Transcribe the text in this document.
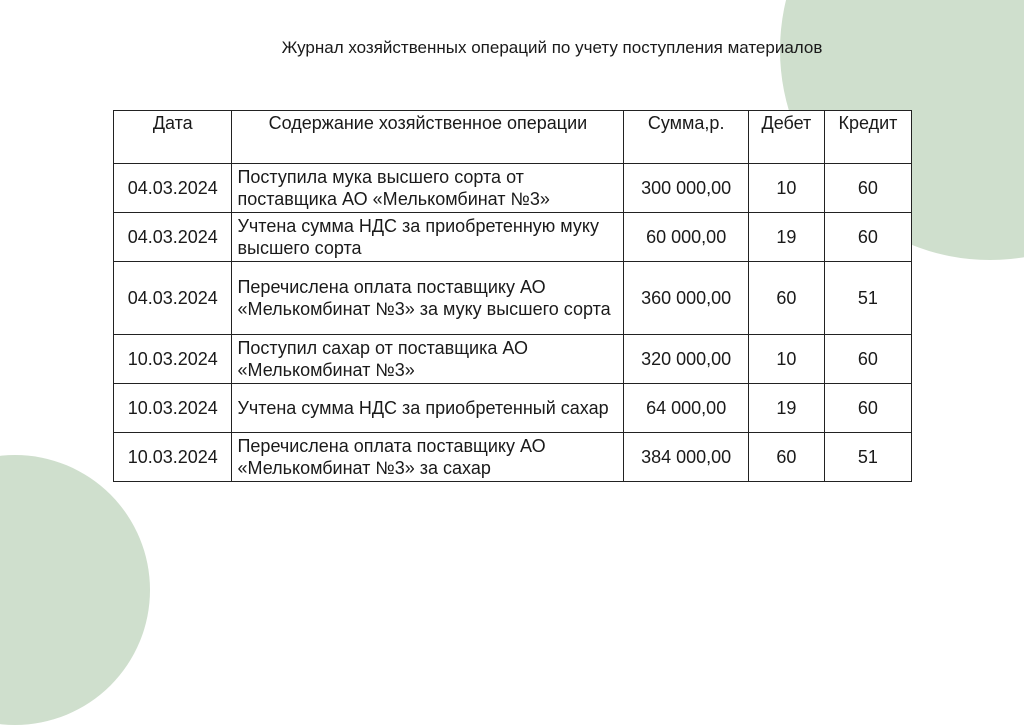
Журнал хозяйственных операций по учету поступления материалов
Дата	Содержание хозяйственное операции	Сумма,р.	Дебет	Кредит
04.03.2024	Поступила мука высшего сорта от поставщика АО «Мелькомбинат №3»	300 000,00	10	60
04.03.2024	Учтена сумма НДС за приобретенную муку высшего сорта	60 000,00	19	60
04.03.2024	Перечислена оплата поставщику АО «Мелькомбинат №3» за муку высшего сорта	360 000,00	60	51
10.03.2024	Поступил сахар от поставщика АО «Мелькомбинат №3»	320 000,00	10	60
10.03.2024	Учтена сумма НДС за приобретенный сахар	64 000,00	19	60
10.03.2024	Перечислена оплата поставщику АО «Мелькомбинат №3» за сахар	384 000,00	60	51
